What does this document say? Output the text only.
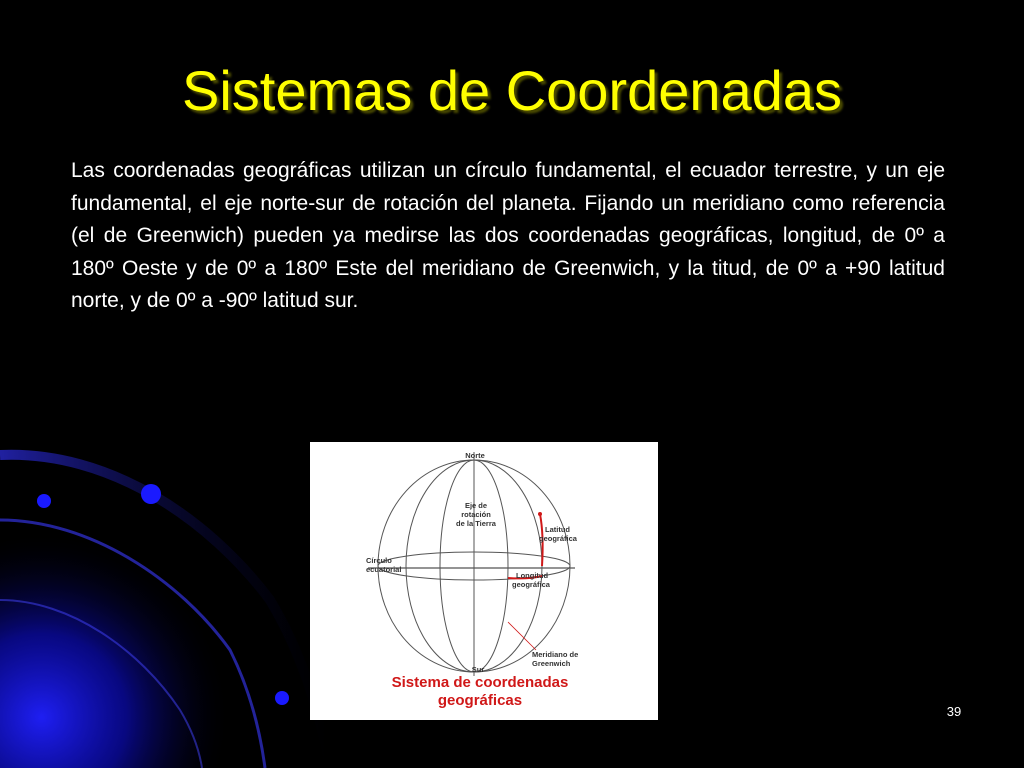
Sistemas de Coordenadas

Las coordenadas geográficas utilizan un círculo fundamental, el ecuador terrestre, y un eje fundamental, el eje norte-sur de rotación del planeta. Fijando un meridiano como referencia (el de Greenwich) pueden ya medirse las dos coordenadas geográficas, longitud, de 0º a 180º Oeste y de 0º a 180º Este del meridiano de Greenwich, y la titud, de 0º a +90 latitud norte, y de 0º a -90º latitud sur.

Norte
Sur
Eje de
rotación
de la Tierra
Latitud
geográfica
Círculo
ecuatorial
Longitud
geográfica
Meridiano de
Greenwich
Sistema de coordenadas
geográficas
39
